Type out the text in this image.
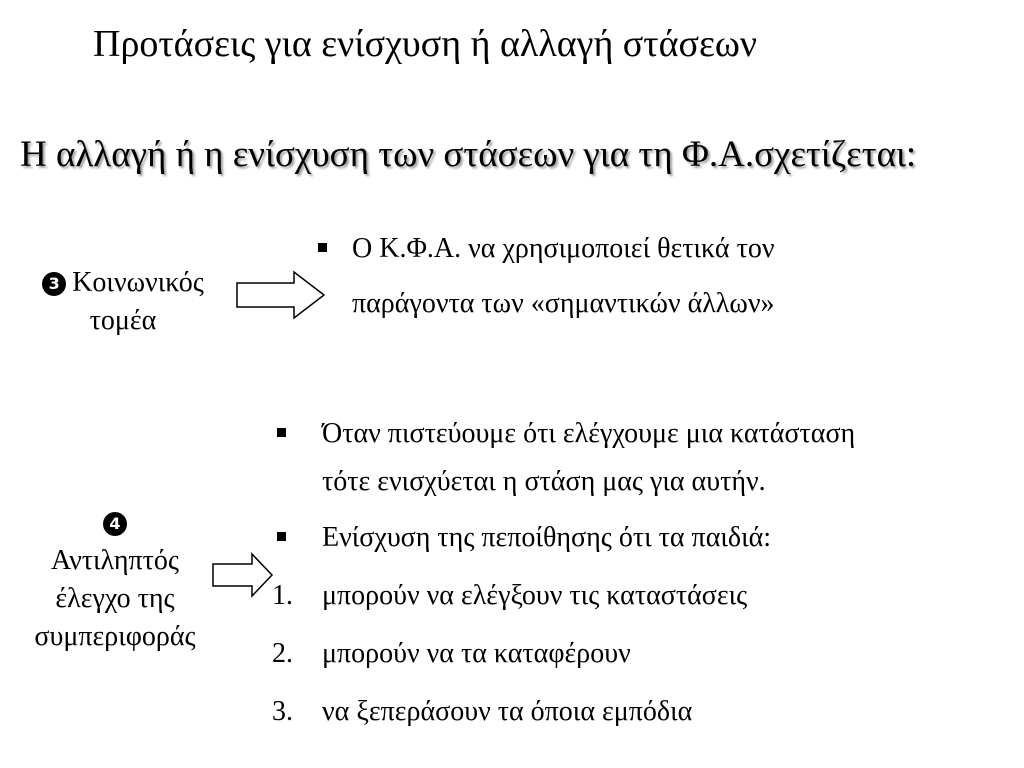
Προτάσεις για ενίσχυση ή αλλαγή στάσεων
Η αλλαγή ή η ενίσχυση των στάσεων για τη Φ.Α.σχετίζεται:
3 Κοινωνικός
τομέα
Ο Κ.Φ.Α. να χρησιμοποιεί θετικά τον
παράγοντα των «σημαντικών άλλων»
4
Αντιληπτός
έλεγχο της
συμπεριφοράς
Όταν πιστεύουμε ότι ελέγχουμε μια κατάσταση
τότε ενισχύεται η στάση μας για αυτήν.
Ενίσχυση της πεποίθησης ότι τα παιδιά:
1. μπορούν να ελέγξουν τις καταστάσεις
2. μπορούν να τα καταφέρουν
3. να ξεπεράσουν τα όποια εμπόδια
